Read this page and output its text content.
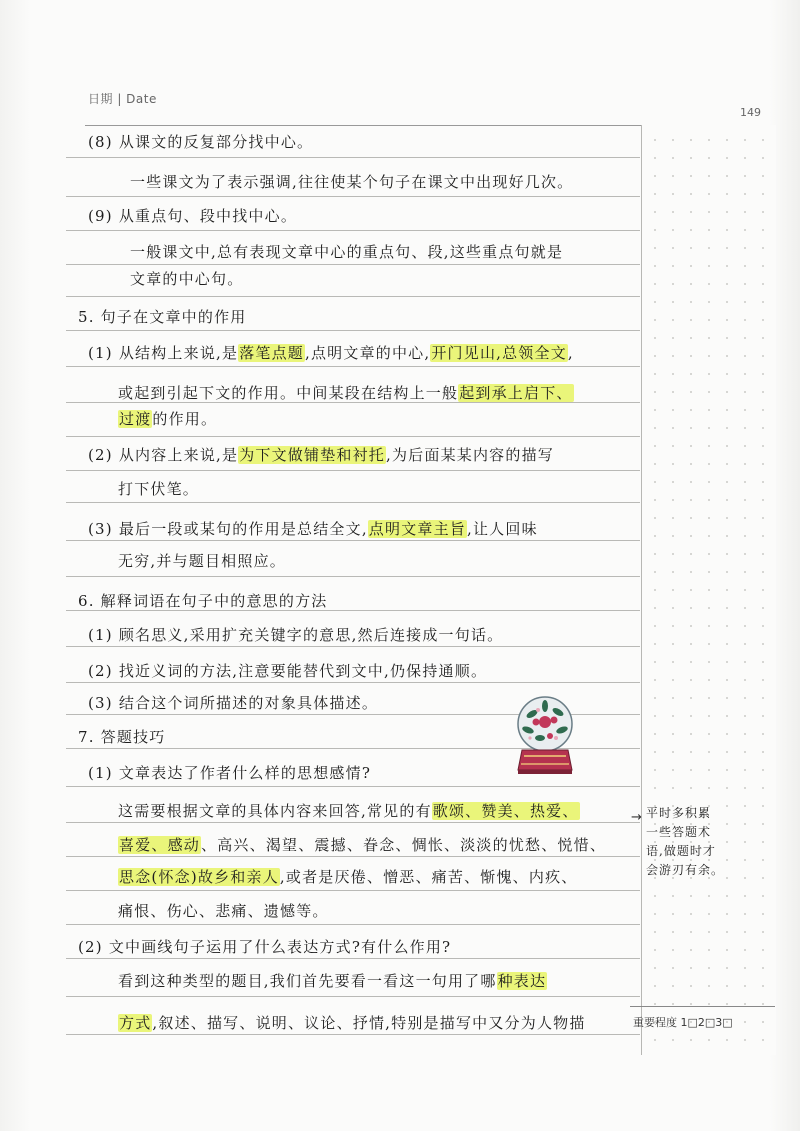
日期 | Date
149
重要程度 1□2□3□
(8) 从课文的反复部分找中心。
一些课文为了表示强调,往往使某个句子在课文中出现好几次。
(9) 从重点句、段中找中心。
一般课文中,总有表现文章中心的重点句、段,这些重点句就是
文章的中心句。
5. 句子在文章中的作用
(1) 从结构上来说,是落笔点题,点明文章的中心,开门见山,总领全文,
或起到引起下文的作用。中间某段在结构上一般起到承上启下、
过渡的作用。
(2) 从内容上来说,是为下文做铺垫和衬托,为后面某某内容的描写
打下伏笔。
(3) 最后一段或某句的作用是总结全文,点明文章主旨,让人回味
无穷,并与题目相照应。
6. 解释词语在句子中的意思的方法
(1) 顾名思义,采用扩充关键字的意思,然后连接成一句话。
(2) 找近义词的方法,注意要能替代到文中,仍保持通顺。
(3) 结合这个词所描述的对象具体描述。
7. 答题技巧
(1) 文章表达了作者什么样的思想感情?
这需要根据文章的具体内容来回答,常见的有歌颂、赞美、热爱、
喜爱、感动、高兴、渴望、震撼、眷念、惆怅、淡淡的忧愁、悦惜、
思念(怀念)故乡和亲人,或者是厌倦、憎恶、痛苦、惭愧、内疚、
痛恨、伤心、悲痛、遗憾等。
(2) 文中画线句子运用了什么表达方式?有什么作用?
看到这种类型的题目,我们首先要看一看这一句用了哪种表达
方式,叙述、描写、说明、议论、抒情,特别是描写中又分为人物描
→ 平时多积累
一些答题术
语,做题时才
会游刃有余。
